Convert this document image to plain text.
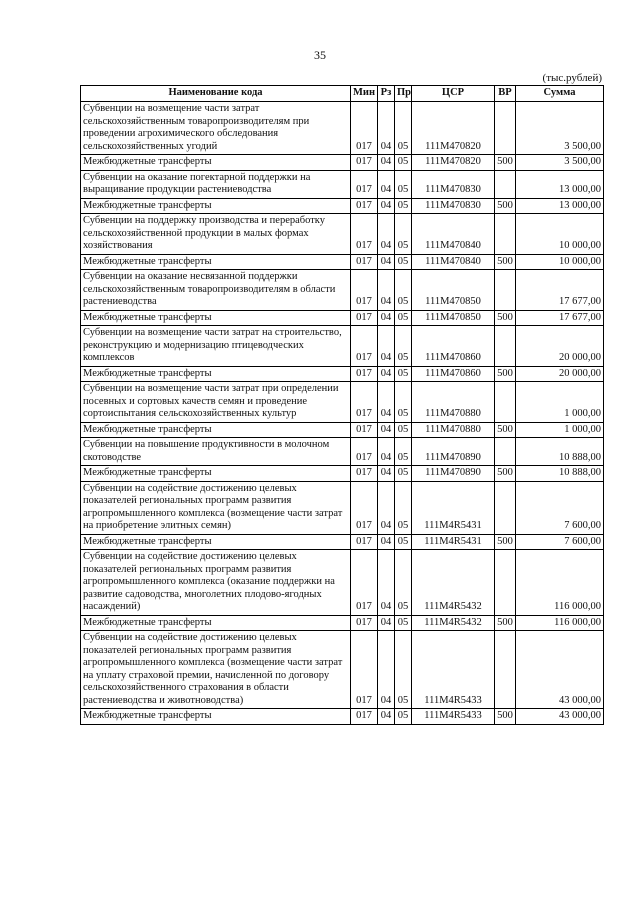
35
(тыс.рублей)
Наименование кода	Мин	Рз	Пр	ЦСР	ВР	Сумма
Субвенции на возмещение части затрат сельскохозяйственным товаропроизводителям при проведении агрохимического обследования сельскохозяйственных угодий	017	04	05	111М470820		3 500,00
Межбюджетные трансферты	017	04	05	111М470820	500	3 500,00
Субвенции на оказание погектарной поддержки на выращивание продукции растениеводства	017	04	05	111М470830		13 000,00
Межбюджетные трансферты	017	04	05	111М470830	500	13 000,00
Субвенции на поддержку производства и переработку сельскохозяйственной продукции в малых формах хозяйствования	017	04	05	111М470840		10 000,00
Межбюджетные трансферты	017	04	05	111М470840	500	10 000,00
Субвенции на оказание несвязанной поддержки сельскохозяйственным товаропроизводителям в области растениеводства	017	04	05	111М470850		17 677,00
Межбюджетные трансферты	017	04	05	111М470850	500	17 677,00
Субвенции на возмещение части затрат на строительство, реконструкцию и модернизацию птицеводческих комплексов	017	04	05	111М470860		20 000,00
Межбюджетные трансферты	017	04	05	111М470860	500	20 000,00
Субвенции на возмещение части затрат при определении посевных и сортовых качеств семян и проведение сортоиспытания сельскохозяйственных культур	017	04	05	111М470880		1 000,00
Межбюджетные трансферты	017	04	05	111М470880	500	1 000,00
Субвенции на повышение продуктивности в молочном скотоводстве	017	04	05	111М470890		10 888,00
Межбюджетные трансферты	017	04	05	111М470890	500	10 888,00
Субвенции на содействие достижению целевых показателей региональных программ развития агропромышленного комплекса (возмещение части затрат на приобретение элитных семян)	017	04	05	111М4R5431		7 600,00
Межбюджетные трансферты	017	04	05	111М4R5431	500	7 600,00
Субвенции на содействие достижению целевых показателей региональных программ развития агропромышленного комплекса (оказание поддержки на развитие садоводства, многолетних плодово-ягодных насаждений)	017	04	05	111М4R5432		116 000,00
Межбюджетные трансферты	017	04	05	111М4R5432	500	116 000,00
Субвенции на содействие достижению целевых показателей региональных программ развития агропромышленного комплекса (возмещение части затрат на уплату страховой премии, начисленной по договору сельскохозяйственного страхования в области растениеводства и животноводства)	017	04	05	111М4R5433		43 000,00
Межбюджетные трансферты	017	04	05	111М4R5433	500	43 000,00
